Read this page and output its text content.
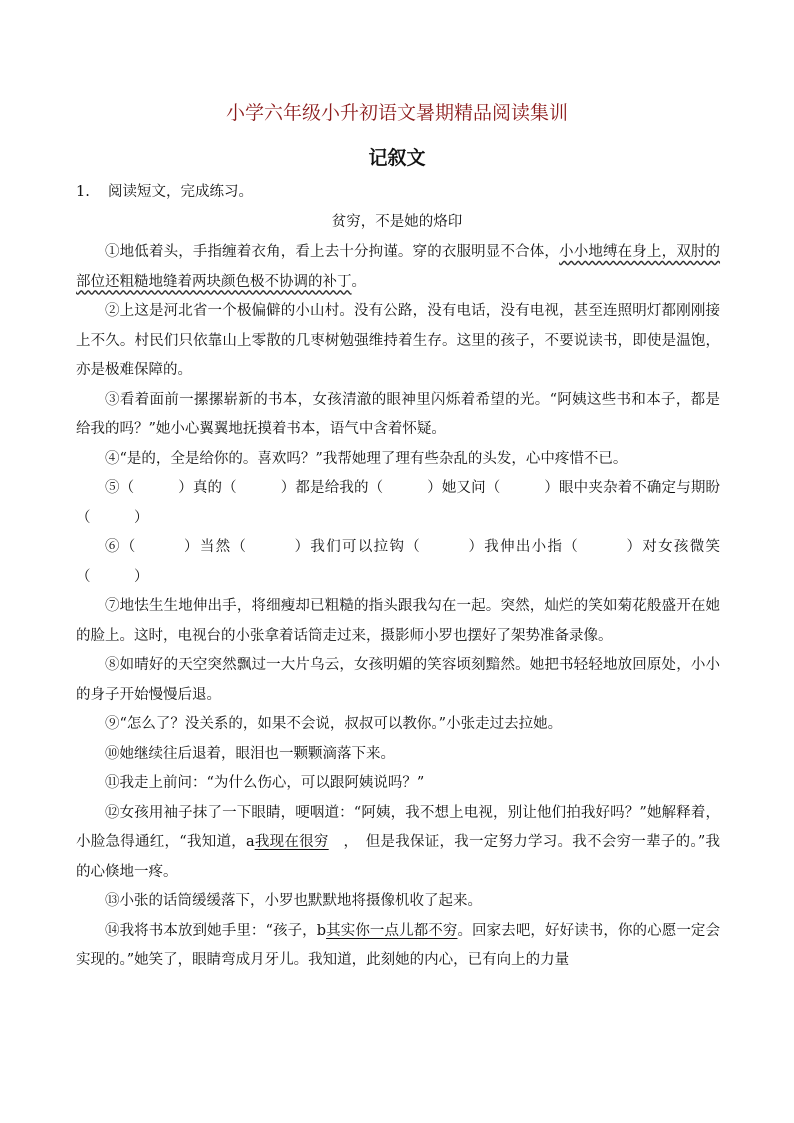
小学六年级小升初语文暑期精品阅读集训
记叙文
1. 阅读短文，完成练习。
贫穷，不是她的烙印

①地低着头，手指缠着衣角，看上去十分拘谨。穿的衣服明显不合体，小小地缚在身上，双肘的部位还粗糙地缝着两块颜色极不协调的补丁。

②上这是河北省一个极偏僻的小山村。没有公路，没有电话，没有电视，甚至连照明灯都刚刚接上不久。村民们只依靠山上零散的几枣树勉强维持着生存。这里的孩子，不要说读书，即使是温饱，亦是极难保障的。

③看着面前一摞摞崭新的书本，女孩清澈的眼神里闪烁着希望的光。“阿姨这些书和本子，都是给我的吗？”她小心翼翼地抚摸着书本，语气中含着怀疑。

④“是的，全是给你的。喜欢吗？”我帮她理了理有些杂乱的头发，心中疼惜不已。

⑤（　　　）真的（　　　）都是给我的（　　　）她又问（　　　）眼中夹杂着不确定与期盼（　　　）

⑥（　　　）当然（　　　）我们可以拉钩（　　　）我伸出小指（　　　）对女孩微笑（　　　）

⑦地怯生生地伸出手，将细瘦却已粗糙的指头跟我勾在一起。突然，灿烂的笑如菊花般盛开在她的脸上。这时，电视台的小张拿着话筒走过来，摄影师小罗也摆好了架势准备录像。

⑧如晴好的天空突然飘过一大片乌云，女孩明媚的笑容顷刻黯然。她把书轻轻地放回原处，小小的身子开始慢慢后退。

⑨“怎么了？没关系的，如果不会说，叔叔可以教你。”小张走过去拉她。

⑩她继续往后退着，眼泪也一颗颗滴落下来。

⑪我走上前问：“为什么伤心，可以跟阿姨说吗？”

⑫女孩用袖子抹了一下眼睛，哽咽道：“阿姨，我不想上电视，别让他们拍我好吗？”她解释着，小脸急得通红，“我知道，a我现在很穷　，　但是我保证，我一定努力学习。我不会穷一辈子的。”我的心倏地一疼。

⑬小张的话筒缓缓落下，小罗也默默地将摄像机收了起来。

⑭我将书本放到她手里：“孩子，b其实你一点儿都不穷。回家去吧，好好读书，你的心愿一定会实现的。”她笑了，眼睛弯成月牙儿。我知道，此刻她的内心，已有向上的力量
